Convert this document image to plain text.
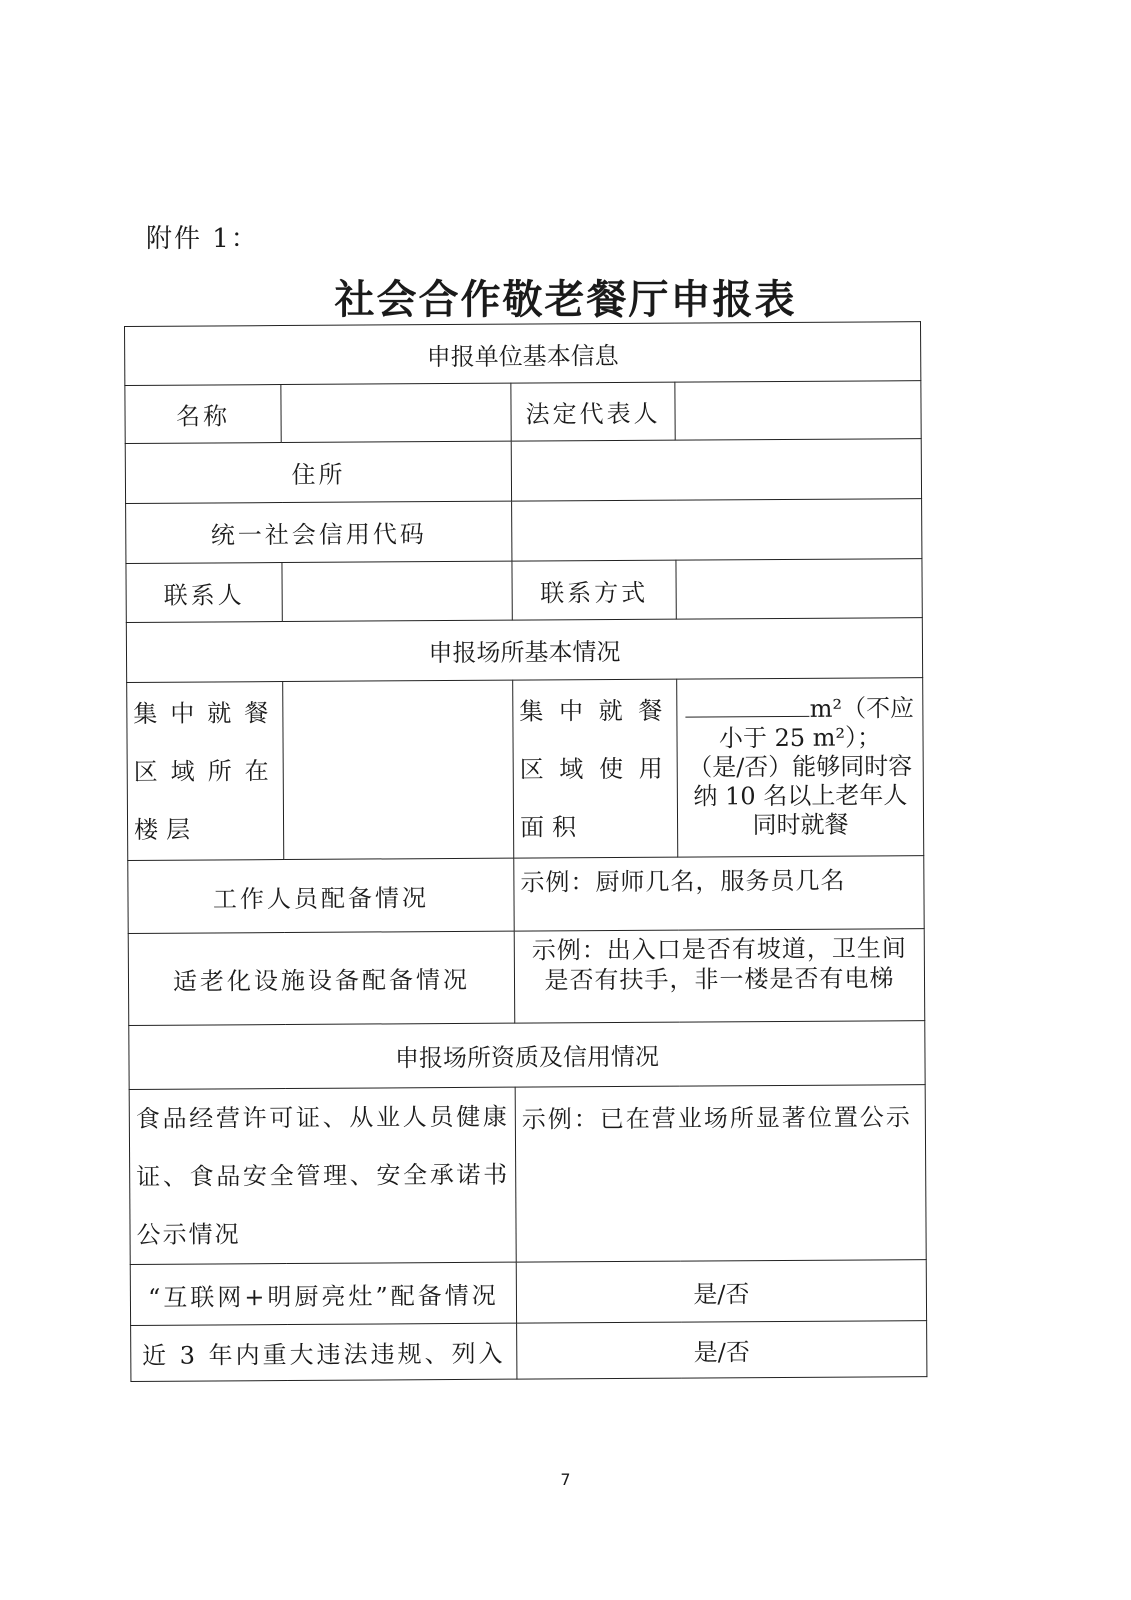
附件 1：
社会合作敬老餐厅申报表
申报单位基本信息			
名称		法定代表人	
住所			
统一社会信用代码			
联系人		联系方式	
申报场所基本情况			
集中就餐区域所在楼层		集中就餐区域使用面积	m²（不应小于 25 m²）；
（是/否）能够同时容纳 10 名以上老年人同时就餐
工作人员配备情况		示例：厨师几名，服务员几名	
适老化设施设备配备情况		示例：出入口是否有坡道，卫生间是否有扶手，非一楼是否有电梯	
申报场所资质及信用情况			
食品经营许可证、从业人员健康证、食品安全管理、安全承诺书公示情况		示例：已在营业场所显著位置公示	
“互联网+明厨亮灶”配备情况		是/否	
近 3 年内重大违法违规、列入		是/否	
7
